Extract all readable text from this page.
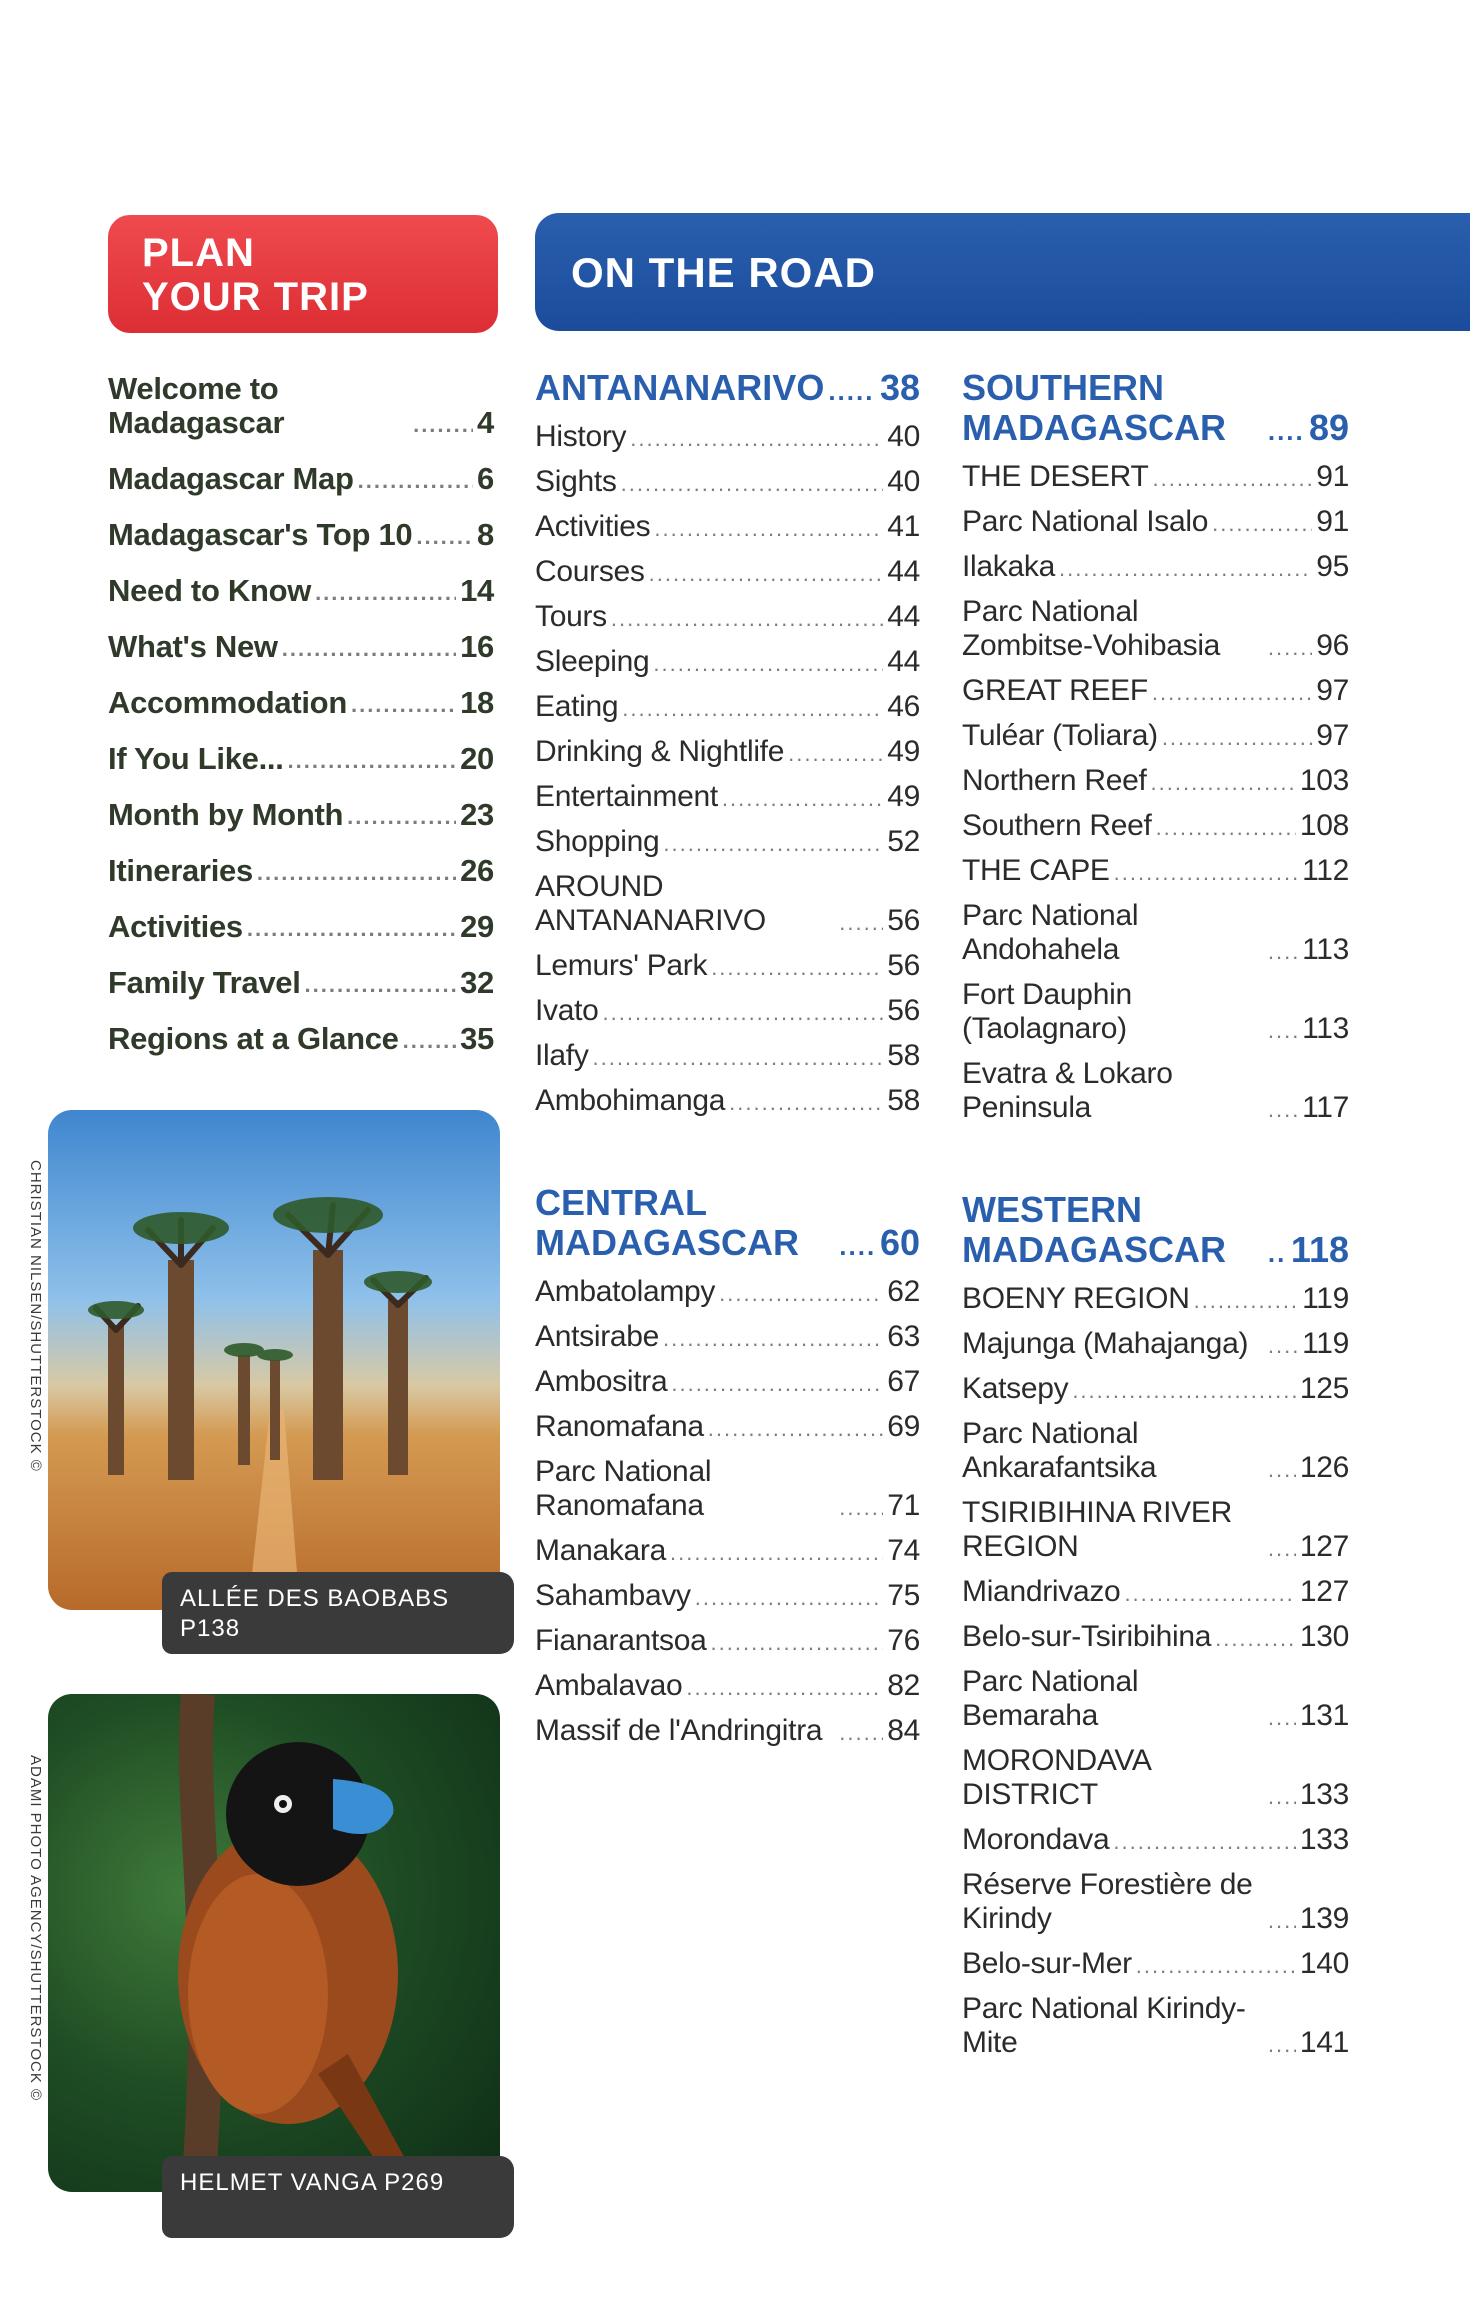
PLAN
YOUR TRIP
ON THE ROAD
Welcome to Madagascar .....	4
Madagascar Map .....	6
Madagascar's Top 10 ..... 8
Need to Know .....	14
What's New .....	16
Accommodation .....	18
If You Like... .....	20
Month by Month .....	23
Itineraries .....	26
Activities .....	29
Family Travel .....	32
Regions at a Glance ..... 35
ANTANANARIVO ..... 38
History .....	40
Sights .....	40
Activities .....	41
Courses .....	44
Tours .....	44
Sleeping .....	44
Eating .....	46
Drinking & Nightlife .....	49
Entertainment .....	49
Shopping .....	52
AROUND ANTANANARIVO .....	56
Lemurs' Park .....	56
Ivato .....	56
Ilafy .....	58
Ambohimanga .....	58
CENTRAL MADAGASCAR .....	60
Ambatolampy .....	62
Antsirabe .....	63
Ambositra .....	67
Ranomafana .....	69
Parc National Ranomafana .....	71
Manakara .....	74
Sahambavy .....	75
Fianarantsoa .....	76
Ambalavao .....	82
Massif de l'Andringitra .....	84
SOUTHERN MADAGASCAR .....	89
THE DESERT .....	91
Parc National Isalo .....	91
Ilakaka .....	95
Parc National Zombitse-Vohibasia .....	96
GREAT REEF .....	97
Tuléar (Toliara) .....	97
Northern Reef .....	103
Southern Reef .....	108
THE CAPE .....	112
Parc National Andohahela .....	113
Fort Dauphin (Taolagnaro) .....	113
Evatra & Lokaro Peninsula .....	117
WESTERN MADAGASCAR .....	118
BOENY REGION .....	119
Majunga (Mahajanga) .....	119
Katsepy .....	125
Parc National Ankarafantsika .....	126
TSIRIBIHINA RIVER REGION .....	127
Miandrivazo .....	127
Belo-sur-Tsiribihina .....	130
Parc National Bemaraha .....	131
MORONDAVA DISTRICT .....	133
Morondava .....	133
Réserve Forestière de Kirindy .....	139
Belo-sur-Mer .....	140
Parc National Kirindy-Mite .....	141
ALLÉE DES BAOBABS P138
CHRISTIAN NILSEN/SHUTTERSTOCK ©
HELMET VANGA P269
ADAMI PHOTO AGENCY/SHUTTERSTOCK ©
